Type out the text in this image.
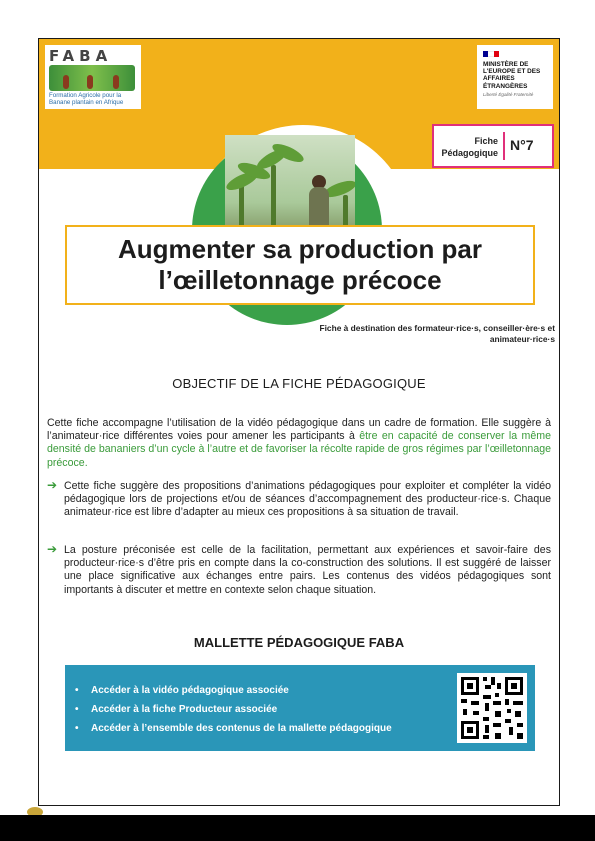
FABA
Formation Agricole pour la Banane plantain en Afrique
MINISTÈRE DE L'EUROPE ET DES AFFAIRES ÉTRANGÈRES
Liberté Égalité Fraternité
Fiche Pédagogique N°7
Augmenter sa production par l’œilletonnage précoce
Fiche à destination des formateur·rice·s, conseiller·ère·s et animateur·rice·s
OBJECTIF DE LA FICHE PÉDAGOGIQUE

Cette fiche accompagne l’utilisation de la vidéo pédagogique dans un cadre de formation. Elle suggère à l’animateur·rice différentes voies pour amener les participants à être en capacité de conserver la même densité de bananiers d’un cycle à l’autre et de favoriser la récolte rapide de gros régimes par l’œilletonnage précoce.

➔ Cette fiche suggère des propositions d’animations pédagogiques pour exploiter et compléter la vidéo pédagogique lors de projections et/ou de séances d’accompagnement des producteur·rice·s. Chaque animateur·rice est libre d’adapter au mieux ces propositions à sa situation de travail.
➔ La posture préconisée est celle de la facilitation, permettant aux expériences et savoir-faire des producteur·rice·s d’être pris en compte dans la co-construction des solutions. Il est suggéré de laisser une place significative aux échanges entre pairs. Les contenus des vidéos pédagogiques sont importants à discuter et mettre en contexte selon chaque situation.
MALLETTE PÉDAGOGIQUE FABA
• Accéder à la vidéo pédagogique associée
• Accéder à la fiche Producteur associée
• Accéder à l’ensemble des contenus de la mallette pédagogique
